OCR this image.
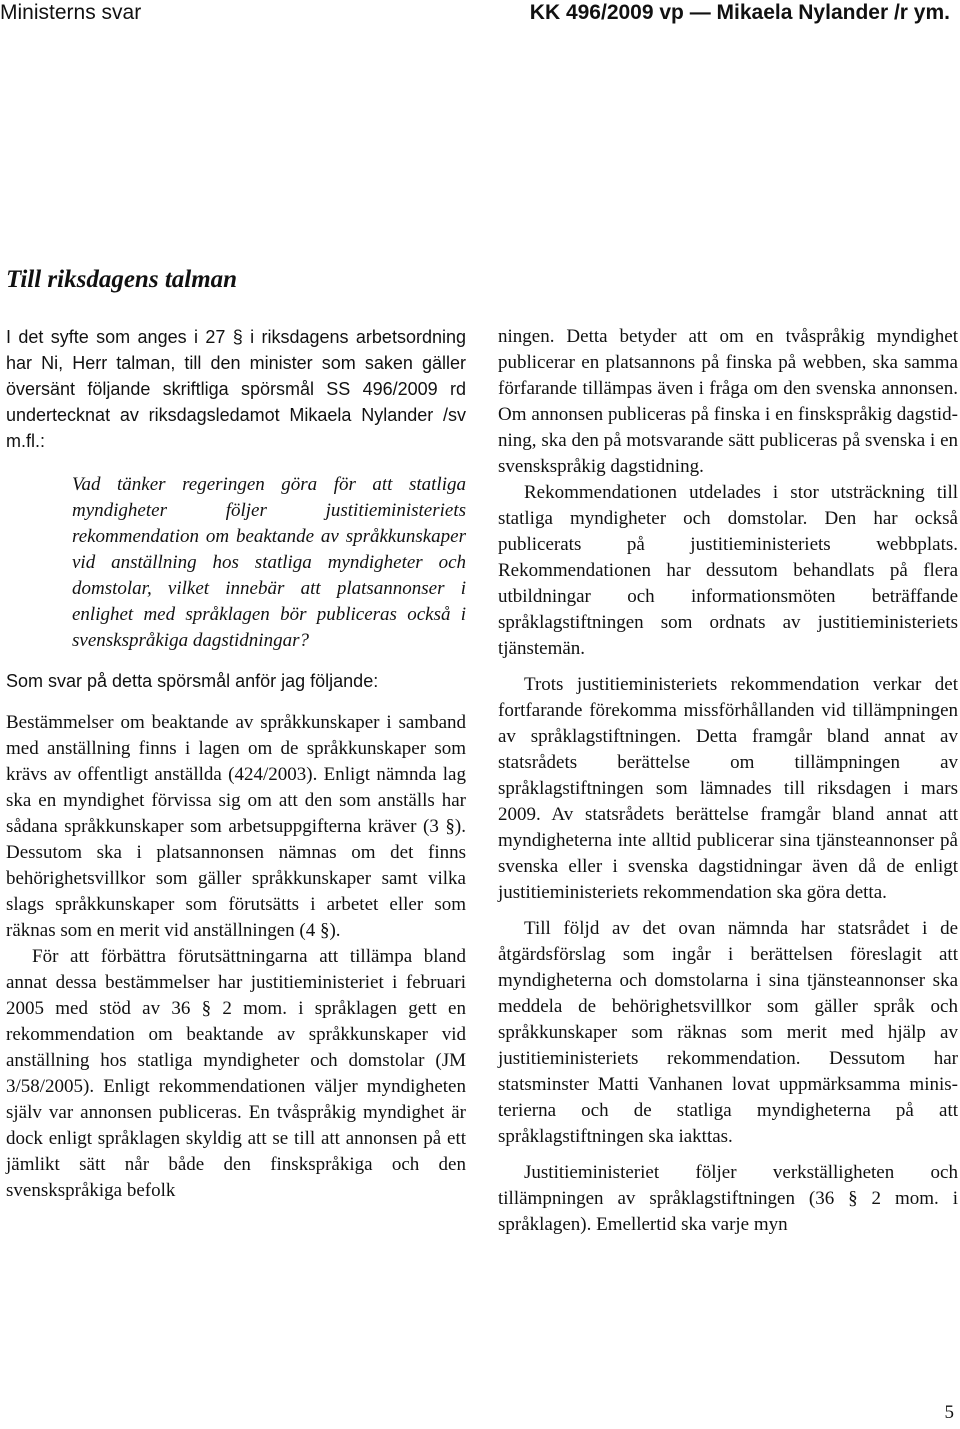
Ministerns svar	KK 496/2009 vp — Mikaela Nylander /r ym.
Till riksdagens talman

I det syfte som anges i 27 § i riksdagens arbetsordning har Ni, Herr talman, till den minister som saken gäller översänt följande skriftliga spörsmål SS 496/2009 rd undertecknat av riksdagsledamot Mikaela Nylander /sv m.fl.:

Vad tänker regeringen göra för att statliga myndigheter följer justitieministeriets rekommendation om beaktande av språkkunskaper vid anställning hos statliga myndigheter och domstolar, vilket innebär att platsannonser i enlighet med språklagen bör publiceras också i svenskspråkiga dagstidningar?

Som svar på detta spörsmål anför jag följande:

Bestämmelser om beaktande av språkkunskaper i samband med anställning finns i lagen om de språkkunskaper som krävs av offentligt anställda (424/2003). Enligt nämnda lag ska en myndighet förvissa sig om att den som anställs har sådana språkkunskaper som arbetsuppgifterna kräver (3 §). Dessutom ska i platsannonsen nämnas om det finns behörighetsvillkor som gäller språkkunskaper samt vilka slags språkkunskaper som förutsätts i arbetet eller som räknas som en merit vid anställningen (4 §).

För att förbättra förutsättningarna att tillämpa bland annat dessa bestämmelser har justitieministeriet i februari 2005 med stöd av 36 § 2 mom. i språklagen gett en rekommendation om beaktande av språkkunskaper vid anställning hos statliga myndigheter och domstolar (JM 3/58/2005). Enligt rekommendationen väljer myndigheten själv var annonsen publiceras. En tvåspråkig myndighet är dock enligt språklagen skyldig att se till att annonsen på ett jämlikt sätt når både den finskspråkiga och den svenskspråkiga befolk

ningen. Detta betyder att om en tvåspråkig myndighet publicerar en platsannons på finska på webben, ska samma förfarande tillämpas även i fråga om den svenska annonsen. Om annonsen publiceras på finska i en finskspråkig dagstidning, ska den på motsvarande sätt publiceras på svenska i en svenskspråkig dagstidning.

Rekommendationen utdelades i stor utsträckning till statliga myndigheter och domstolar. Den har också publicerats på justitieministeriets webbplats. Rekommendationen har dessutom behandlats på flera utbildningar och informationsmöten beträffande språklagstiftningen som ordnats av justitieministeriets tjänstemän.

Trots justitieministeriets rekommendation verkar det fortfarande förekomma missförhållanden vid tillämpningen av språklagstiftningen. Detta framgår bland annat av statsrådets berättelse om tillämpningen av språklagstiftningen som lämnades till riksdagen i mars 2009. Av statsrådets berättelse framgår bland annat att myndigheterna inte alltid publicerar sina tjänsteannonser på svenska eller i svenska dagstidningar även då de enligt justitieministeriets rekommendation ska göra detta.

Till följd av det ovan nämnda har statsrådet i de åtgärdsförslag som ingår i berättelsen föreslagit att myndigheterna och domstolarna i sina tjänsteannonser ska meddela de behörighetsvillkor som gäller språk och språkkunskaper som räknas som merit med hjälp av justitieministeriets rekommendation. Dessutom har statsminster Matti Vanhanen lovat uppmärksamma ministerierna och de statliga myndigheterna på att språklagstiftningen ska iakttas.

Justitieministeriet följer verkställigheten och tillämpningen av språklagstiftningen (36 § 2 mom. i språklagen). Emellertid ska varje myn

5
